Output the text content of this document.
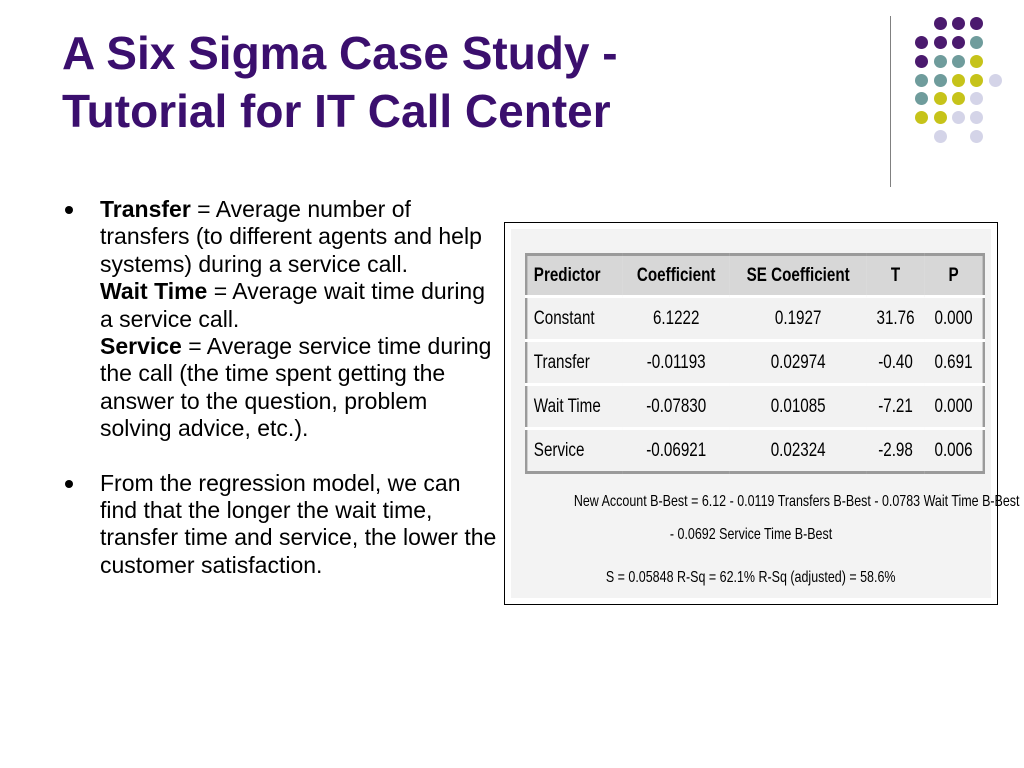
A Six Sigma Case Study -
Tutorial for IT Call Center
Transfer = Average number of transfers (to different agents and help systems) during a service call.
Wait Time = Average wait time during a service call.
Service = Average service time during the call (the time spent getting the answer to the question, problem solving advice, etc.).
From the regression model, we can find that the longer the wait time, transfer time and service, the lower the customer satisfaction.
Predictor	Coefficient	SE Coefficient	T	P
Constant	6.1222	0.1927	31.76	0.000
Transfer	-0.01193	0.02974	-0.40	0.691
Wait Time	-0.07830	0.01085	-7.21	0.000
Service	-0.06921	0.02324	-2.98	0.006
New Account B-Best = 6.12 - 0.0119 Transfers B-Best - 0.0783 Wait Time B-Best
- 0.0692 Service Time B-Best
S = 0.05848 R-Sq = 62.1% R-Sq (adjusted) = 58.6%
